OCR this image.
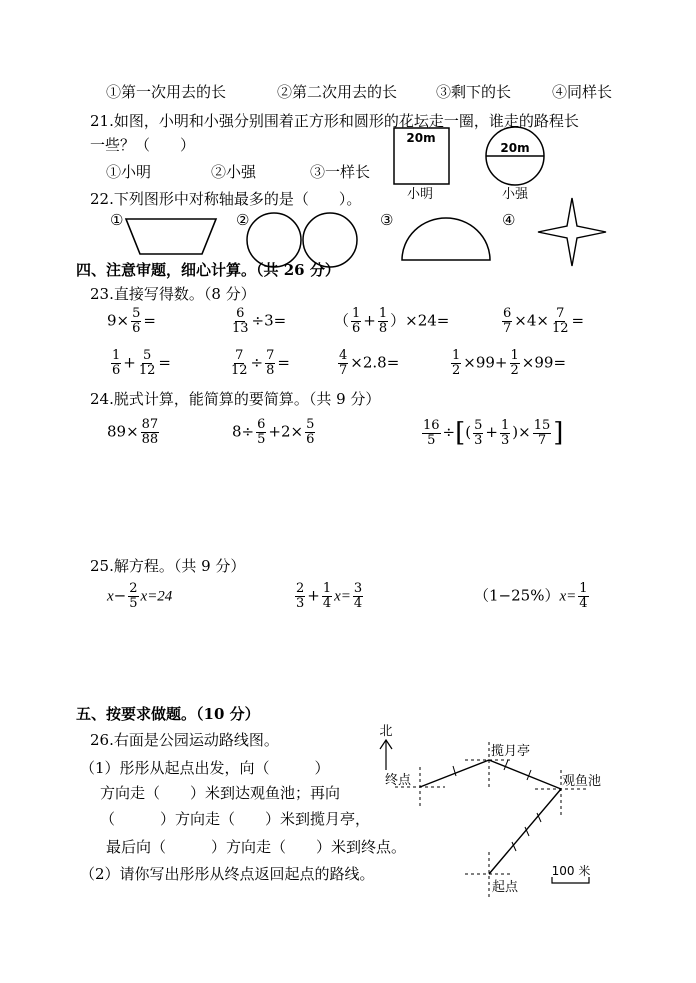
①第一次用去的长	②第二次用去的长	③剩下的长	④同样长
21.如图，小明和小强分别围着正方形和圆形的花坛走一圈，谁走的路程长
一些？（　　）
①小明	②小强	③一样长
20m
小明
20m
小强
22.下列图形中对称轴最多的是（　　）。
①	②	③	④
四、注意审题，细心计算。（共 26 分）
23.直接写得数。（8 分）
$9\times \frac{5}{6}$ =	$\frac{6}{13} \div 3=$	（ $\frac{1}{6} + \frac{1}{8} )\times 24=$	$\frac{6}{7} \times 4\times \frac{7}{12}$ =
$\frac{1}{6} + \frac{5}{12}$ =	$\frac{7}{12} \div \frac{7}{8}$ =	$\frac{4}{7} \times 2.8=$	$\frac{1}{2} \times 99+ \frac{1}{2} \times 99=$
24.脱式计算，能简算的要简算。（共 9 分）
$89\times \frac{87}{88}$	$8\div \frac{6}{5} +2\times \frac{5}{6}$	$\frac{16}{5}$ ÷[( $\frac{5}{3} + \frac{1}{3}$ )× $\frac{15}{7}$ ]
25.解方程。（共 9 分）
$x- \frac{2}{5} x=24$	$\frac{2}{3} + \frac{1}{4} x= \frac{3}{4}$	$(1-25\%)x= \frac{1}{4}$
五、按要求做题。（10 分）
26.右面是公园运动路线图。
（1）彤彤从起点出发，向（　　　）
方向走（　　）米到达观鱼池；再向
（　　　）方向走（　　）米到揽月亭，
最后向（　　　）方向走（　　）米到终点。
（2）请你写出彤彤从终点返回起点的路线。
北
终点
揽月亭
观鱼池
起点
100 米
